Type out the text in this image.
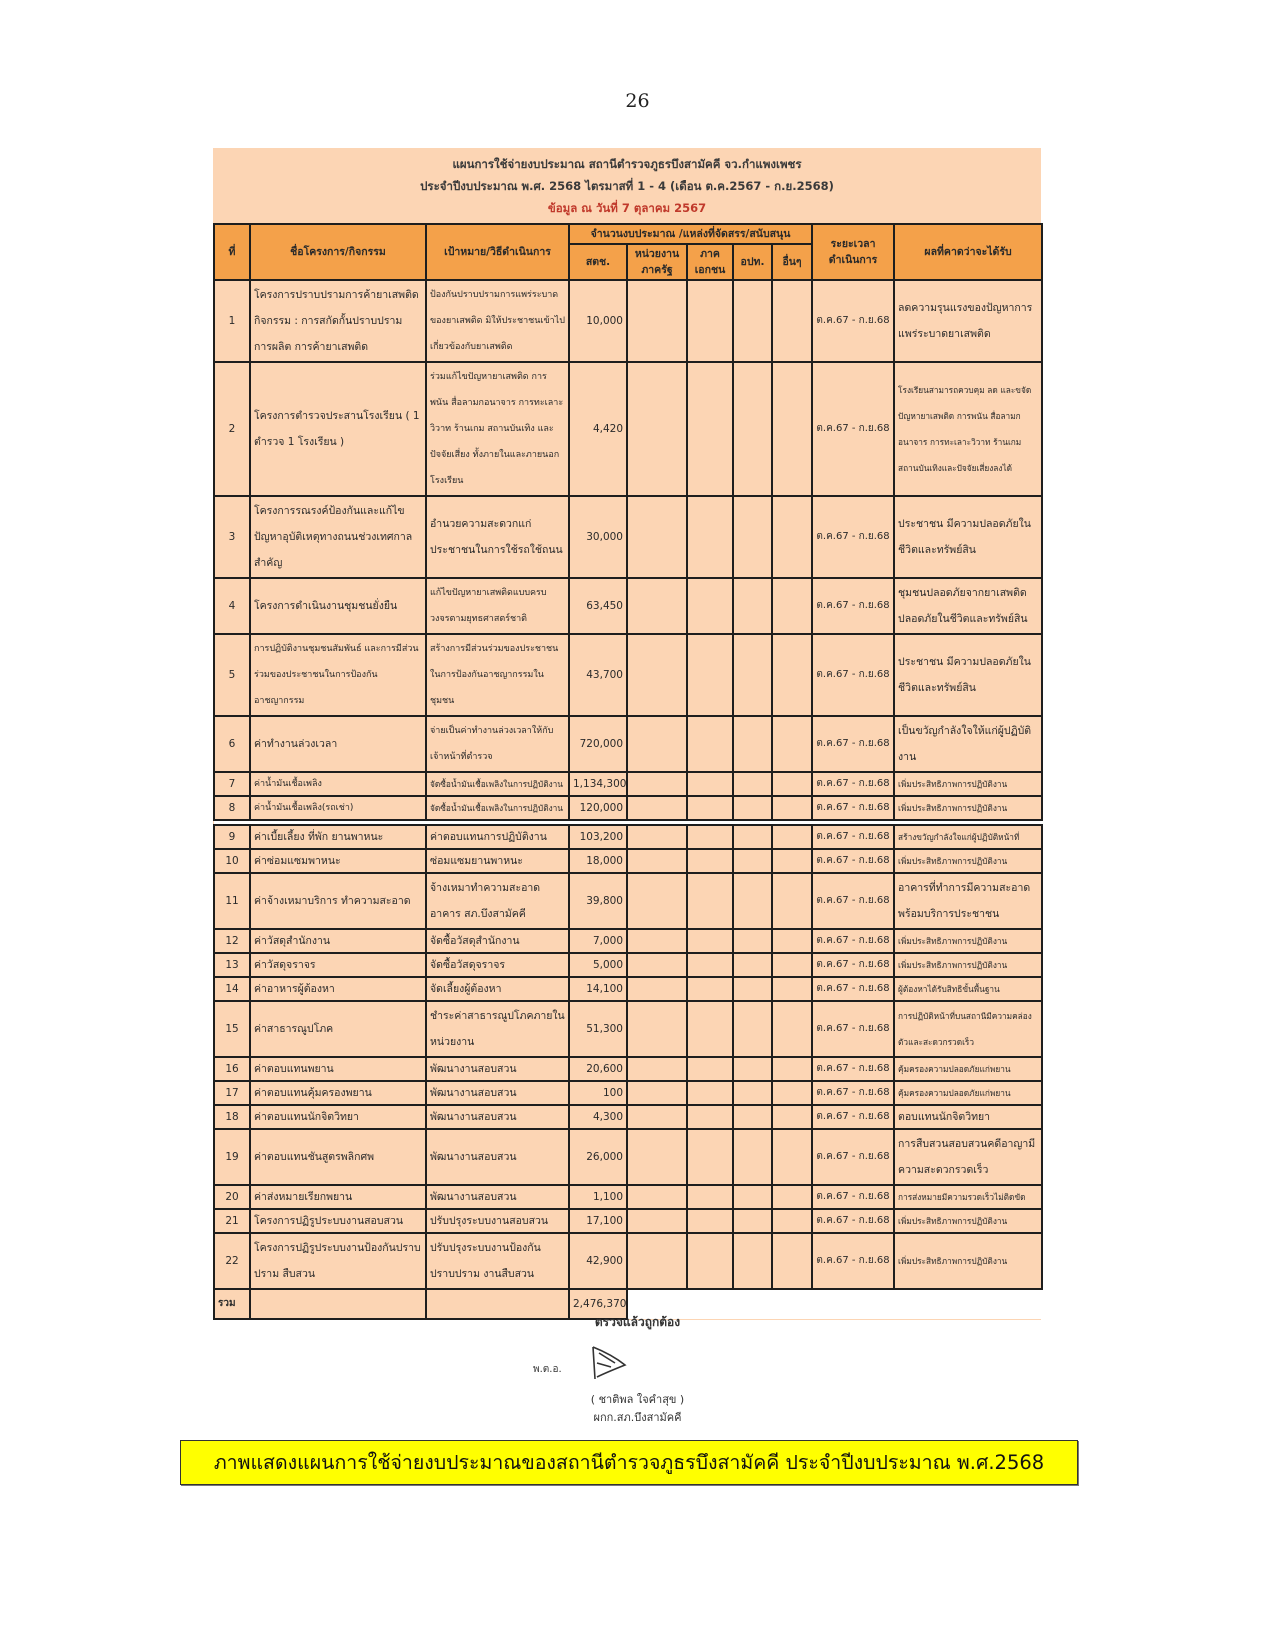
26
แผนการใช้จ่ายงบประมาณ สถานีตำรวจภูธรบึงสามัคคี จว.กำแพงเพชร
ประจำปีงบประมาณ พ.ศ. 2568 ไตรมาสที่ 1 - 4 (เดือน ต.ค.2567 - ก.ย.2568)
ข้อมูล ณ วันที่ 7 ตุลาคม 2567
ที่	ชื่อโครงการ/กิจกรรม	เป้าหมาย/วิธีดำเนินการ	จำนวนงบประมาณ /แหล่งที่จัดสรร/สนับสนุน					ระยะเวลาดำเนินการ	ผลที่คาดว่าจะได้รับ
			สตช.	หน่วยงานภาครัฐ	ภาคเอกชน	อปท.	อื่นๆ		
1	โครงการปราบปรามการค้ายาเสพติด กิจกรรม : การสกัดกั้นปราบปราม การผลิต การค้ายาเสพติด	ป้องกันปราบปรามการแพร่ระบาดของยาเสพติด มิให้ประชาชนเข้าไปเกี่ยวข้องกับยาเสพติด	10,000					ต.ค.67 - ก.ย.68	ลดความรุนแรงของปัญหาการแพร่ระบาดยาเสพติด
2	โครงการตำรวจประสานโรงเรียน ( 1 ตำรวจ 1 โรงเรียน )	ร่วมแก้ไขปัญหายาเสพติด การพนัน สื่อลามกอนาจาร การทะเลาะวิวาท ร้านเกม สถานบันเทิง และปัจจัยเสี่ยง ทั้งภายในและภายนอกโรงเรียน	4,420					ต.ค.67 - ก.ย.68	โรงเรียนสามารถควบคุม ลด และขจัดปัญหายาเสพติด การพนัน สื่อลามกอนาจาร การทะเลาะวิวาท ร้านเกม สถานบันเทิงและปัจจัยเสี่ยงลงได้
3	โครงการรณรงค์ป้องกันและแก้ไขปัญหาอุบัติเหตุทางถนนช่วงเทศกาลสำคัญ	อำนวยความสะดวกแก่ประชาชนในการใช้รถใช้ถนน	30,000					ต.ค.67 - ก.ย.68	ประชาชน มีความปลอดภัยในชีวิตและทรัพย์สิน
4	โครงการดำเนินงานชุมชนยั่งยืน	แก้ไขปัญหายาเสพติดแบบครบวงจรตามยุทธศาสตร์ชาติ	63,450					ต.ค.67 - ก.ย.68	ชุมชนปลอดภัยจากยาเสพติด ปลอดภัยในชีวิตและทรัพย์สิน
5	การปฏิบัติงานชุมชนสัมพันธ์ และการมีส่วนร่วมของประชาชนในการป้องกันอาชญากรรม	สร้างการมีส่วนร่วมของประชาชนในการป้องกันอาชญากรรมในชุมชน	43,700					ต.ค.67 - ก.ย.68	ประชาชน มีความปลอดภัยในชีวิตและทรัพย์สิน
6	ค่าทำงานล่วงเวลา	จ่ายเป็นค่าทำงานล่วงเวลาให้กับเจ้าหน้าที่ตำรวจ	720,000					ต.ค.67 - ก.ย.68	เป็นขวัญกำลังใจให้แก่ผู้ปฏิบัติงาน
7	ค่าน้ำมันเชื้อเพลิง	จัดซื้อน้ำมันเชื้อเพลิงในการปฏิบัติงาน	1,134,300					ต.ค.67 - ก.ย.68	เพิ่มประสิทธิภาพการปฏิบัติงาน
8	ค่าน้ำมันเชื้อเพลิง(รถเช่า)	จัดซื้อน้ำมันเชื้อเพลิงในการปฏิบัติงาน	120,000					ต.ค.67 - ก.ย.68	เพิ่มประสิทธิภาพการปฏิบัติงาน

9	ค่าเบี้ยเลี้ยง ที่พัก ยานพาหนะ	ค่าตอบแทนการปฏิบัติงาน	103,200					ต.ค.67 - ก.ย.68	สร้างขวัญกำลังใจแก่ผู้ปฏิบัติหน้าที่
10	ค่าซ่อมแซมพาหนะ	ซ่อมแซมยานพาหนะ	18,000					ต.ค.67 - ก.ย.68	เพิ่มประสิทธิภาพการปฏิบัติงาน
11	ค่าจ้างเหมาบริการ ทำความสะอาด	จ้างเหมาทำความสะอาด อาคาร สภ.บึงสามัคคี	39,800					ต.ค.67 - ก.ย.68	อาคารที่ทำการมีความสะอาด พร้อมบริการประชาชน
12	ค่าวัสดุสำนักงาน	จัดซื้อวัสดุสำนักงาน	7,000					ต.ค.67 - ก.ย.68	เพิ่มประสิทธิภาพการปฏิบัติงาน
13	ค่าวัสดุจราจร	จัดซื้อวัสดุจราจร	5,000					ต.ค.67 - ก.ย.68	เพิ่มประสิทธิภาพการปฏิบัติงาน
14	ค่าอาหารผู้ต้องหา	จัดเลี้ยงผู้ต้องหา	14,100					ต.ค.67 - ก.ย.68	ผู้ต้องหาได้รับสิทธิขั้นพื้นฐาน
15	ค่าสาธารณูปโภค	ชำระค่าสาธารณูปโภคภายในหน่วยงาน	51,300					ต.ค.67 - ก.ย.68	การปฏิบัติหน้าที่บนสถานีมีความคล่องตัวและสะดวกรวดเร็ว
16	ค่าตอบแทนพยาน	พัฒนางานสอบสวน	20,600					ต.ค.67 - ก.ย.68	คุ้มครองความปลอดภัยแก่พยาน
17	ค่าตอบแทนคุ้มครองพยาน	พัฒนางานสอบสวน	100					ต.ค.67 - ก.ย.68	คุ้มครองความปลอดภัยแก่พยาน
18	ค่าตอบแทนนักจิตวิทยา	พัฒนางานสอบสวน	4,300					ต.ค.67 - ก.ย.68	ตอบแทนนักจิตวิทยา
19	ค่าตอบแทนชันสูตรพลิกศพ	พัฒนางานสอบสวน	26,000					ต.ค.67 - ก.ย.68	การสืบสวนสอบสวนคดีอาญามีความสะดวกรวดเร็ว
20	ค่าส่งหมายเรียกพยาน	พัฒนางานสอบสวน	1,100					ต.ค.67 - ก.ย.68	การส่งหมายมีความรวดเร็วไม่ติดขัด
21	โครงการปฏิรูประบบงานสอบสวน	ปรับปรุงระบบงานสอบสวน	17,100					ต.ค.67 - ก.ย.68	เพิ่มประสิทธิภาพการปฏิบัติงาน
22	โครงการปฏิรูประบบงานป้องกันปราบปราม สืบสวน	ปรับปรุงระบบงานป้องกันปราบปราม งานสืบสวน	42,900					ต.ค.67 - ก.ย.68	เพิ่มประสิทธิภาพการปฏิบัติงาน
รวม			2,476,370						
ตรวจแล้วถูกต้อง
พ.ต.อ.
( ชาติพล ใจคำสุข )
ผกก.สภ.บึงสามัคคี
ภาพแสดงแผนการใช้จ่ายงบประมาณของสถานีตำรวจภูธรบึงสามัคคี ประจำปีงบประมาณ พ.ศ.2568
